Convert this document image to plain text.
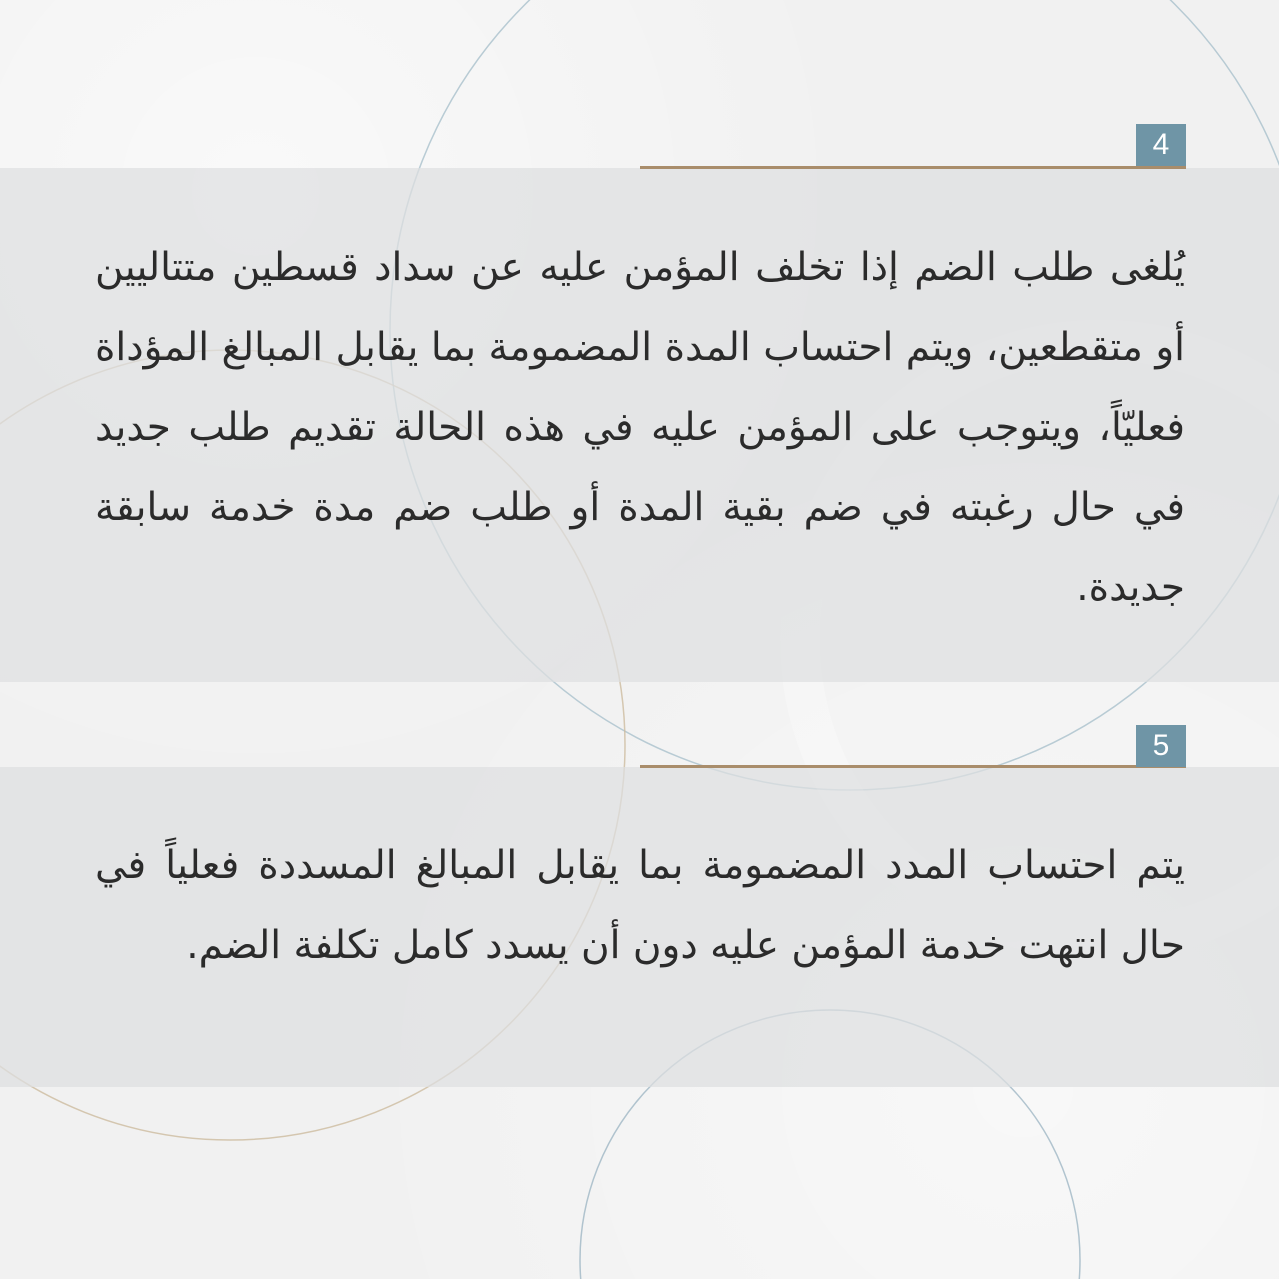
4

يُلغى طلب الضم إذا تخلف المؤمن عليه عن سداد قسطين متتاليين أو متقطعين، ويتم احتساب المدة المضمومة بما يقابل المبالغ المؤداة فعليّاً، ويتوجب على المؤمن عليه في هذه الحالة تقديم طلب جديد في حال رغبته في ضم بقية المدة أو طلب ضم مدة خدمة سابقة جديدة.

5

يتم احتساب المدد المضمومة بما يقابل المبالغ المسددة فعلياً في حال انتهت خدمة المؤمن عليه دون أن يسدد كامل تكلفة الضم.
